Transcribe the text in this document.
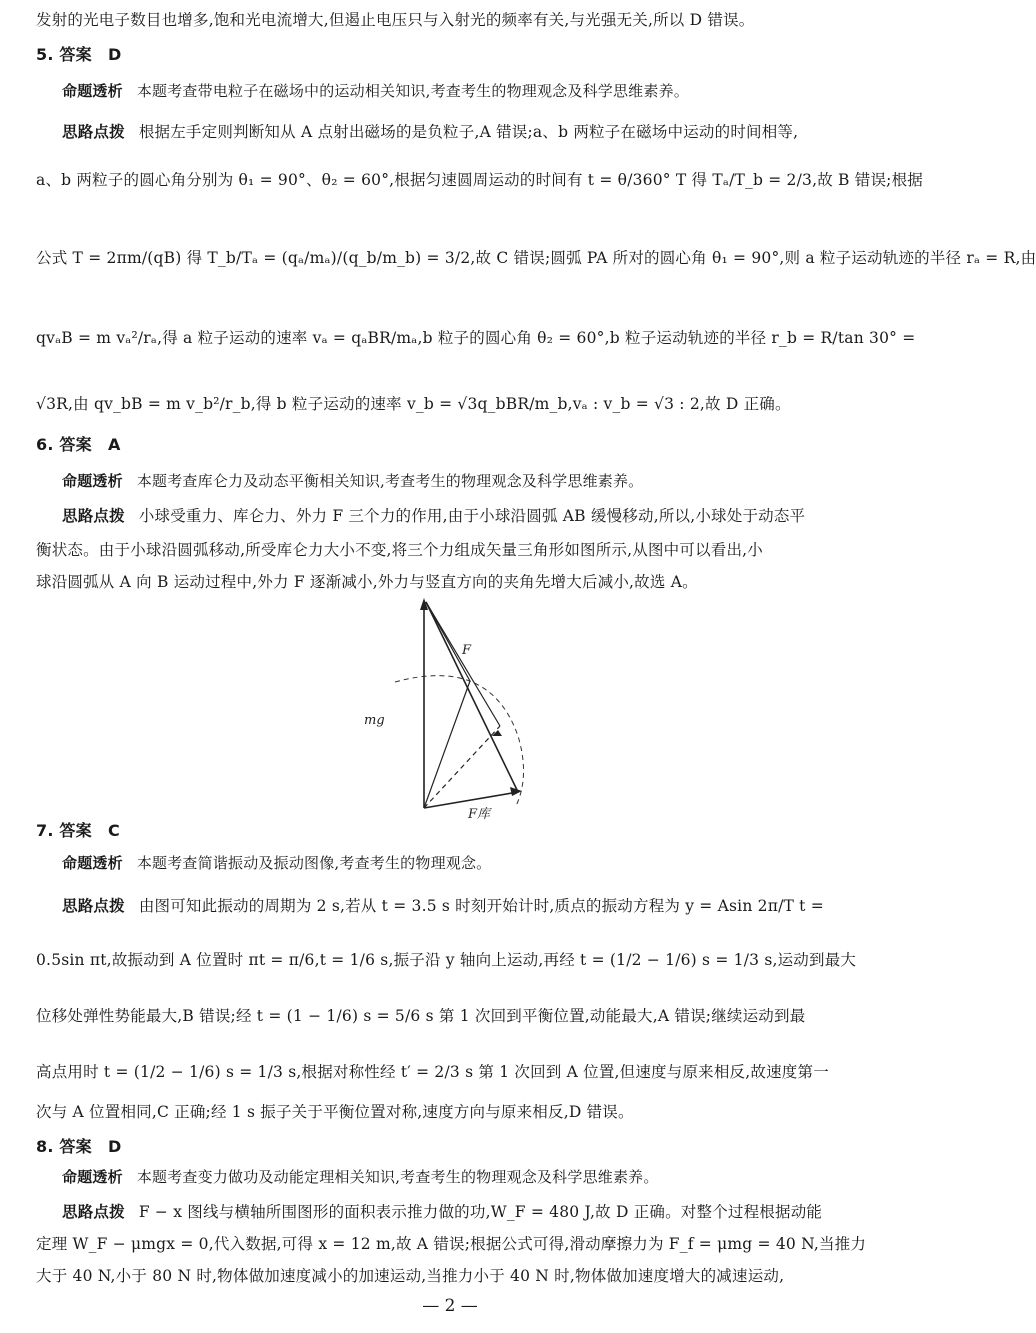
发射的光电子数目也增多,饱和光电流增大,但遏止电压只与入射光的频率有关,与光强无关,所以 D 错误。
5. 答案　D
命题透析 本题考查带电粒子在磁场中的运动相关知识,考查考生的物理观念及科学思维素养。
思路点拨 根据左手定则判断知从 A 点射出磁场的是负粒子,A 错误;a、b 两粒子在磁场中运动的时间相等,
a、b 两粒子的圆心角分别为 θ₁ = 90°、θ₂ = 60°,根据匀速圆周运动的时间有 t = θ/360° T 得 Tₐ/T_b = 2/3,故 B 错误;根据
公式 T = 2πm/(qB) 得 T_b/Tₐ = (qₐ/mₐ)/(q_b/m_b) = 3/2,故 C 错误;圆弧 PA 所对的圆心角 θ₁ = 90°,则 a 粒子运动轨迹的半径 rₐ = R,由
qvₐB = m vₐ²/rₐ,得 a 粒子运动的速率 vₐ = qₐBR/mₐ,b 粒子的圆心角 θ₂ = 60°,b 粒子运动轨迹的半径 r_b = R/tan 30° =
√3R,由 qv_bB = m v_b²/r_b,得 b 粒子运动的速率 v_b = √3q_bBR/m_b,vₐ : v_b = √3 : 2,故 D 正确。
6. 答案　A
命题透析 本题考查库仑力及动态平衡相关知识,考查考生的物理观念及科学思维素养。
思路点拨 小球受重力、库仑力、外力 F 三个力的作用,由于小球沿圆弧 AB 缓慢移动,所以,小球处于动态平
衡状态。由于小球沿圆弧移动,所受库仑力大小不变,将三个力组成矢量三角形如图所示,从图中可以看出,小
球沿圆弧从 A 向 B 运动过程中,外力 F 逐渐减小,外力与竖直方向的夹角先增大后减小,故选 A。
F
mg
F库
7. 答案　C
命题透析 本题考查简谐振动及振动图像,考查考生的物理观念。
思路点拨 由图可知此振动的周期为 2 s,若从 t = 3.5 s 时刻开始计时,质点的振动方程为 y = Asin 2π/T t =
0.5sin πt,故振动到 A 位置时 πt = π/6,t = 1/6 s,振子沿 y 轴向上运动,再经 t = (1/2 − 1/6) s = 1/3 s,运动到最大
位移处弹性势能最大,B 错误;经 t = (1 − 1/6) s = 5/6 s 第 1 次回到平衡位置,动能最大,A 错误;继续运动到最
高点用时 t = (1/2 − 1/6) s = 1/3 s,根据对称性经 t′ = 2/3 s 第 1 次回到 A 位置,但速度与原来相反,故速度第一
次与 A 位置相同,C 正确;经 1 s 振子关于平衡位置对称,速度方向与原来相反,D 错误。
8. 答案　D
命题透析 本题考查变力做功及动能定理相关知识,考查考生的物理观念及科学思维素养。
思路点拨 F − x 图线与横轴所围图形的面积表示推力做的功,W_F = 480 J,故 D 正确。对整个过程根据动能
定理 W_F − μmgx = 0,代入数据,可得 x = 12 m,故 A 错误;根据公式可得,滑动摩擦力为 F_f = μmg = 40 N,当推力
大于 40 N,小于 80 N 时,物体做加速度减小的加速运动,当推力小于 40 N 时,物体做加速度增大的减速运动,
— 2 —
